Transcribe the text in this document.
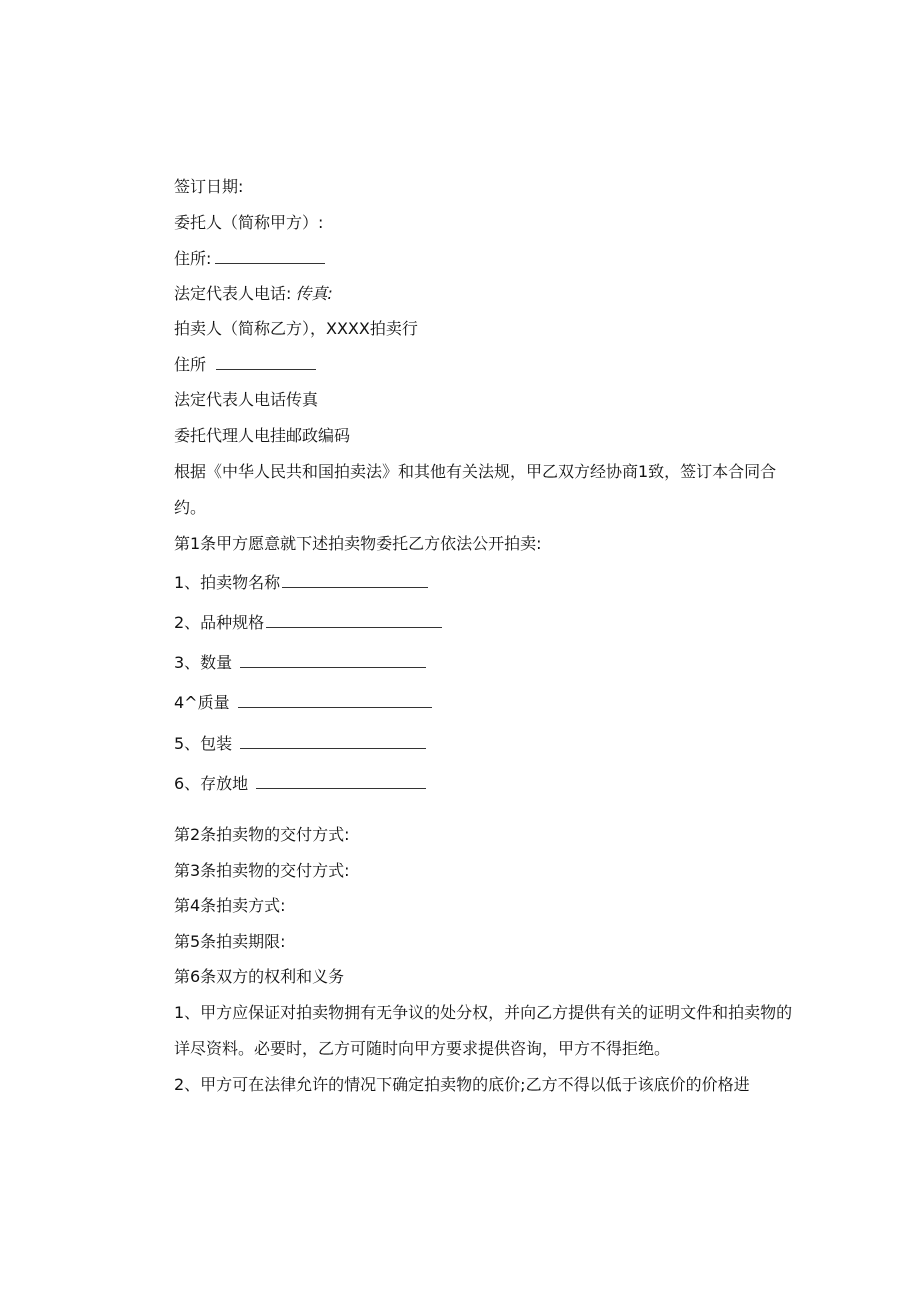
签订日期:
委托人（简称甲方）:
住所:
法定代表人电话: 传真:
拍卖人（简称乙方），XXXX拍卖行
住所
法定代表人电话传真
委托代理人电挂邮政编码
根据《中华人民共和国拍卖法》和其他有关法规，甲乙双方经协商1致，签订本合同合约。
第1条甲方愿意就下述拍卖物委托乙方依法公开拍卖:
1、拍卖物名称
2、品种规格
3、数量
4^质量
5、包装
6、存放地
第2条拍卖物的交付方式:
第3条拍卖物的交付方式:
第4条拍卖方式:
第5条拍卖期限:
第6条双方的权利和义务
1、甲方应保证对拍卖物拥有无争议的处分权，并向乙方提供有关的证明文件和拍卖物的详尽资料。必要时，乙方可随时向甲方要求提供咨询，甲方不得拒绝。
2、甲方可在法律允许的情况下确定拍卖物的底价;乙方不得以低于该底价的价格进
